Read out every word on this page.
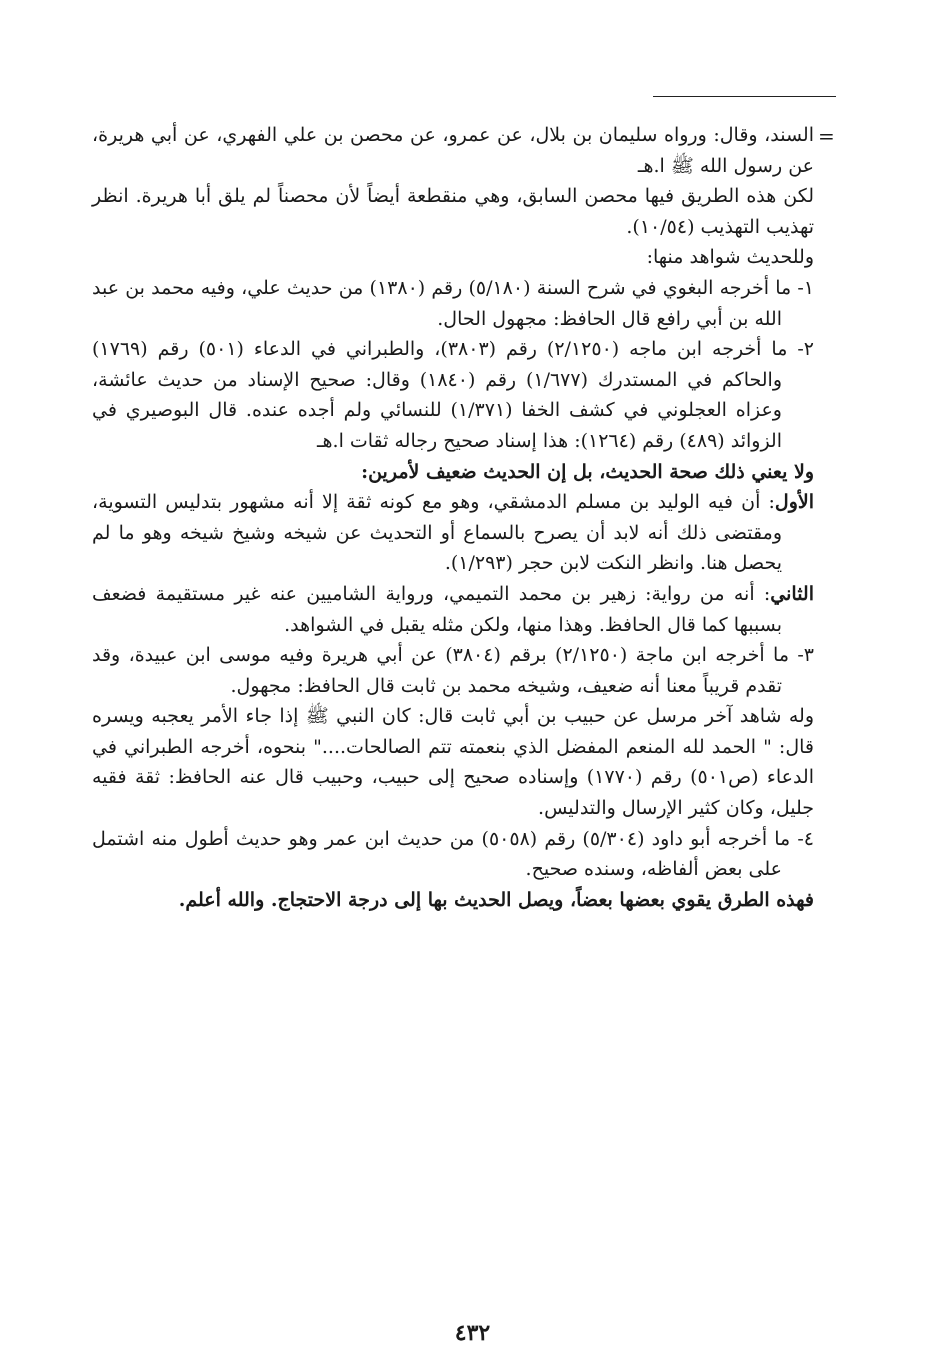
=

السند، وقال: ورواه سليمان بن بلال، عن عمرو، عن محصن بن علي الفهري، عن أبي هريرة، عن رسول الله ﷺ ا.هـ

لكن هذه الطريق فيها محصن السابق، وهي منقطعة أيضاً لأن محصناً لم يلق أبا هريرة. انظر تهذيب التهذيب (١٠/٥٤).

وللحديث شواهد منها:

١- ما أخرجه البغوي في شرح السنة (٥/١٨٠) رقم (١٣٨٠) من حديث علي، وفيه محمد بن عبد الله بن أبي رافع قال الحافظ: مجهول الحال.

٢- ما أخرجه ابن ماجه (٢/١٢٥٠) رقم (٣٨٠٣)، والطبراني في الدعاء (٥٠١) رقم (١٧٦٩) والحاكم في المستدرك (١/٦٧٧) رقم (١٨٤٠) وقال: صحيح الإسناد من حديث عائشة، وعزاه العجلوني في كشف الخفا (١/٣٧١) للنسائي ولم أجده عنده. قال البوصيري في الزوائد (٤٨٩) رقم (١٢٦٤): هذا إسناد صحيح رجاله ثقات ا.هـ

ولا يعني ذلك صحة الحديث، بل إن الحديث ضعيف لأمرين:

الأول: أن فيه الوليد بن مسلم الدمشقي، وهو مع كونه ثقة إلا أنه مشهور بتدليس التسوية، ومقتضى ذلك أنه لابد أن يصرح بالسماع أو التحديث عن شيخه وشيخ شيخه وهو ما لم يحصل هنا. وانظر النكت لابن حجر (١/٢٩٣).

الثاني: أنه من رواية: زهير بن محمد التميمي، ورواية الشاميين عنه غير مستقيمة فضعف بسببها كما قال الحافظ. وهذا منها، ولكن مثله يقبل في الشواهد.

٣- ما أخرجه ابن ماجة (٢/١٢٥٠) برقم (٣٨٠٤) عن أبي هريرة وفيه موسى ابن عبيدة، وقد تقدم قريباً معنا أنه ضعيف، وشيخه محمد بن ثابت قال الحافظ: مجهول.

وله شاهد آخر مرسل عن حبيب بن أبي ثابت قال: كان النبي ﷺ إذا جاء الأمر يعجبه ويسره قال: " الحمد لله المنعم المفضل الذي بنعمته تتم الصالحات...." بنحوه، أخرجه الطبراني في الدعاء (ص٥٠١) رقم (١٧٧٠) وإسناده صحيح إلى حبيب، وحبيب قال عنه الحافظ: ثقة فقيه جليل، وكان كثير الإرسال والتدليس.

٤- ما أخرجه أبو داود (٥/٣٠٤) رقم (٥٠٥٨) من حديث ابن عمر وهو حديث أطول منه اشتمل على بعض ألفاظه، وسنده صحيح.

فهذه الطرق يقوي بعضها بعضاً، ويصل الحديث بها إلى درجة الاحتجاج. والله أعلم.

٤٣٢
